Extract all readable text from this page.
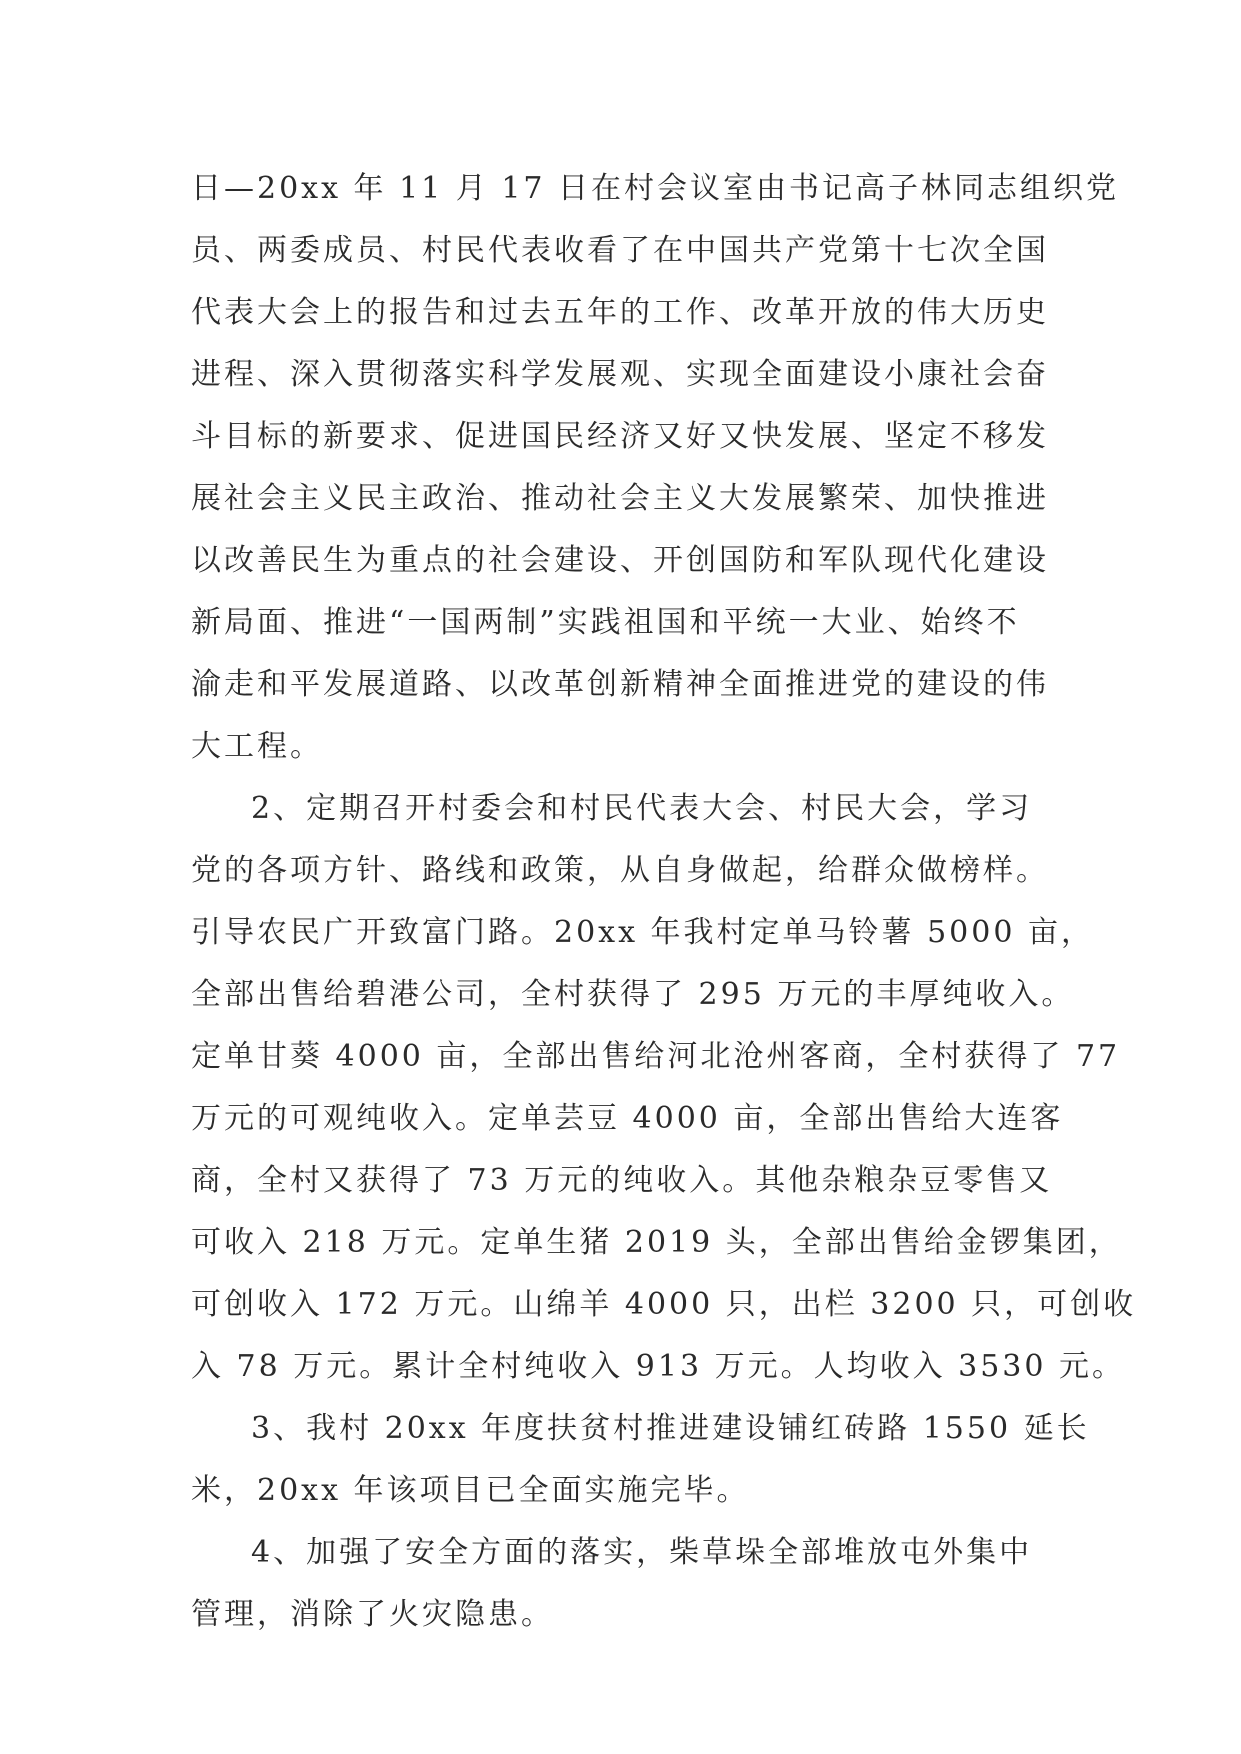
日—20xx 年 11 月 17 日在村会议室由书记高子林同志组织党
员、两委成员、村民代表收看了在中国共产党第十七次全国
代表大会上的报告和过去五年的工作、改革开放的伟大历史
进程、深入贯彻落实科学发展观、实现全面建设小康社会奋
斗目标的新要求、促进国民经济又好又快发展、坚定不移发
展社会主义民主政治、推动社会主义大发展繁荣、加快推进
以改善民生为重点的社会建设、开创国防和军队现代化建设
新局面、推进“一国两制”实践祖国和平统一大业、始终不
渝走和平发展道路、以改革创新精神全面推进党的建设的伟
大工程。
2、定期召开村委会和村民代表大会、村民大会，学习
党的各项方针、路线和政策，从自身做起，给群众做榜样。
引导农民广开致富门路。20xx 年我村定单马铃薯 5000 亩，
全部出售给碧港公司，全村获得了 295 万元的丰厚纯收入。
定单甘葵 4000 亩，全部出售给河北沧州客商，全村获得了 77
万元的可观纯收入。定单芸豆 4000 亩，全部出售给大连客
商，全村又获得了 73 万元的纯收入。其他杂粮杂豆零售又
可收入 218 万元。定单生猪 2019 头，全部出售给金锣集团，
可创收入 172 万元。山绵羊 4000 只，出栏 3200 只，可创收
入 78 万元。累计全村纯收入 913 万元。人均收入 3530 元。
3、我村 20xx 年度扶贫村推进建设铺红砖路 1550 延长
米，20xx 年该项目已全面实施完毕。
4、加强了安全方面的落实，柴草垛全部堆放屯外集中
管理，消除了火灾隐患。
